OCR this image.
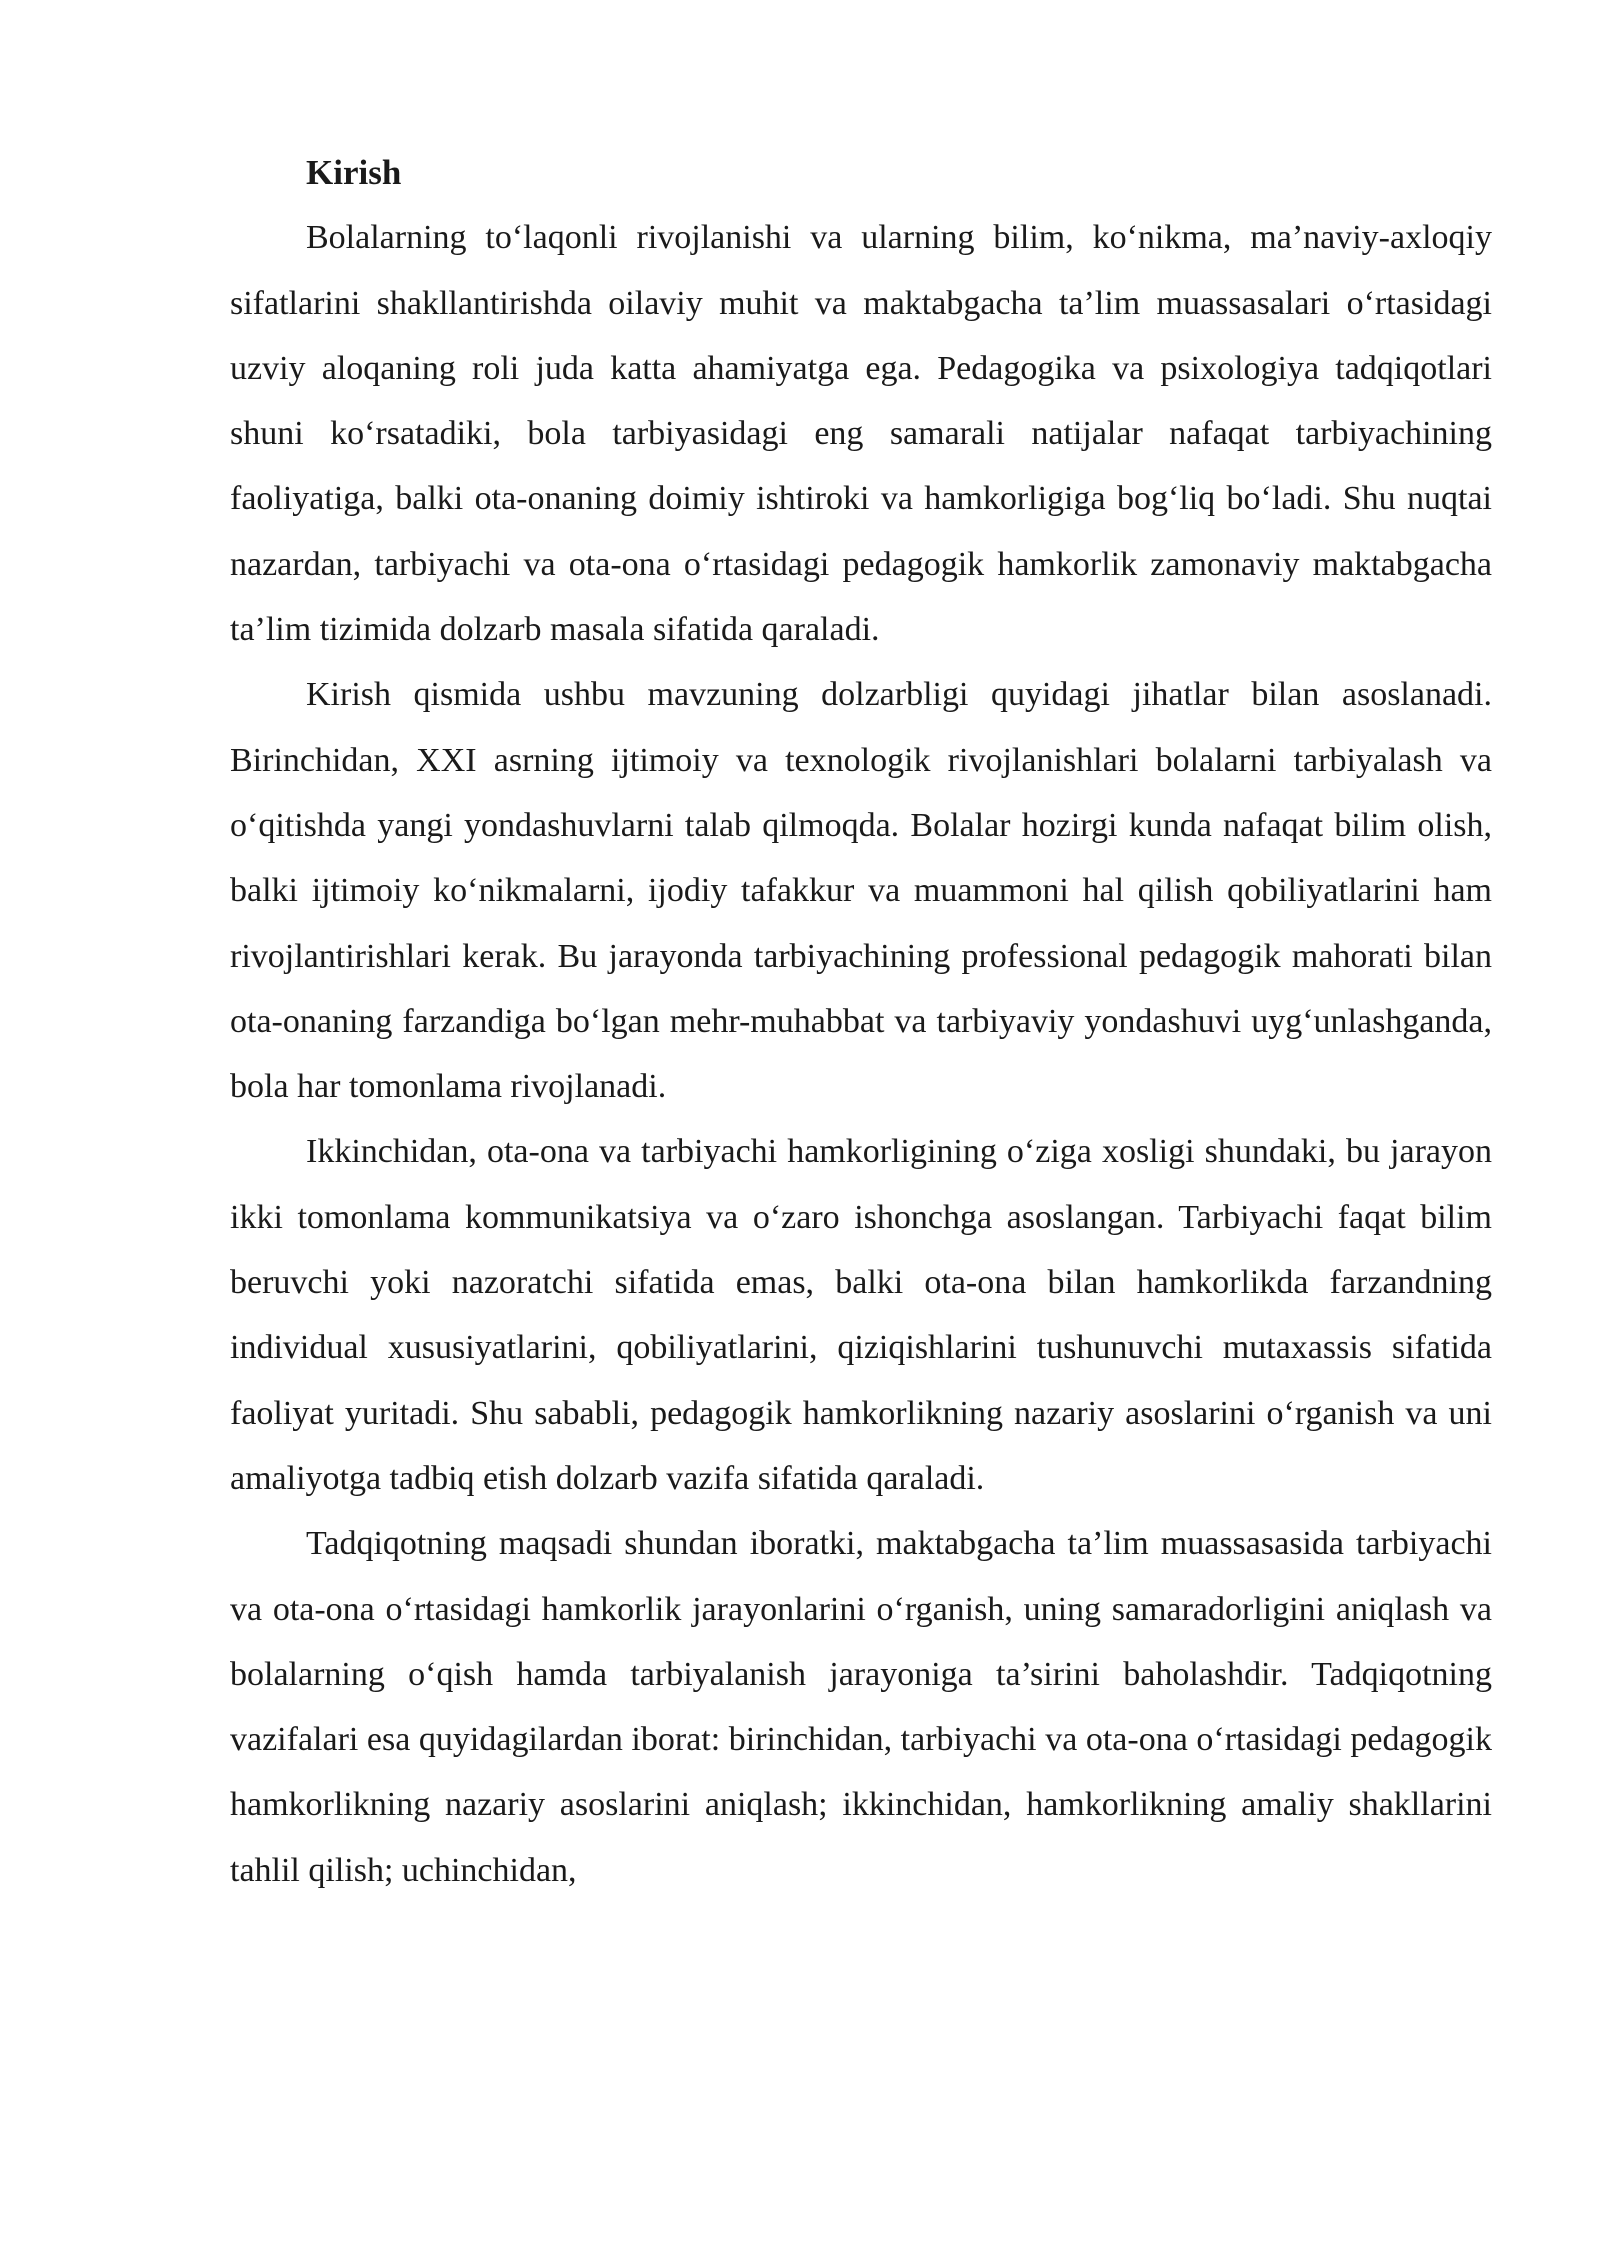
Kirish

Bolalarning to‘laqonli rivojlanishi va ularning bilim, ko‘nikma, ma’naviy-axloqiy sifatlarini shakllantirishda oilaviy muhit va maktabgacha ta’lim muassasalari o‘rtasidagi uzviy aloqaning roli juda katta ahamiyatga ega. Pedagogika va psixologiya tadqiqotlari shuni ko‘rsatadiki, bola tarbiyasidagi eng samarali natijalar nafaqat tarbiyachining faoliyatiga, balki ota-onaning doimiy ishtiroki va hamkorligiga bog‘liq bo‘ladi. Shu nuqtai nazardan, tarbiyachi va ota-ona o‘rtasidagi pedagogik hamkorlik zamonaviy maktabgacha ta’lim tizimida dolzarb masala sifatida qaraladi.

Kirish qismida ushbu mavzuning dolzarbligi quyidagi jihatlar bilan asoslanadi. Birinchidan, XXI asrning ijtimoiy va texnologik rivojlanishlari bolalarni tarbiyalash va o‘qitishda yangi yondashuvlarni talab qilmoqda. Bolalar hozirgi kunda nafaqat bilim olish, balki ijtimoiy ko‘nikmalarni, ijodiy tafakkur va muammoni hal qilish qobiliyatlarini ham rivojlantirishlari kerak. Bu jarayonda tarbiyachining professional pedagogik mahorati bilan ota-onaning farzandiga bo‘lgan mehr-muhabbat va tarbiyaviy yondashuvi uyg‘unlashganda, bola har tomonlama rivojlanadi.

Ikkinchidan, ota-ona va tarbiyachi hamkorligining o‘ziga xosligi shundaki, bu jarayon ikki tomonlama kommunikatsiya va o‘zaro ishonchga asoslangan. Tarbiyachi faqat bilim beruvchi yoki nazoratchi sifatida emas, balki ota-ona bilan hamkorlikda farzandning individual xususiyatlarini, qobiliyatlarini, qiziqishlarini tushunuvchi mutaxassis sifatida faoliyat yuritadi. Shu sababli, pedagogik hamkorlikning nazariy asoslarini o‘rganish va uni amaliyotga tadbiq etish dolzarb vazifa sifatida qaraladi.

Tadqiqotning maqsadi shundan iboratki, maktabgacha ta’lim muassasasida tarbiyachi va ota-ona o‘rtasidagi hamkorlik jarayonlarini o‘rganish, uning samaradorligini aniqlash va bolalarning o‘qish hamda tarbiyalanish jarayoniga ta’sirini baholashdir. Tadqiqotning vazifalari esa quyidagilardan iborat: birinchidan, tarbiyachi va ota-ona o‘rtasidagi pedagogik hamkorlikning nazariy asoslarini aniqlash; ikkinchidan, hamkorlikning amaliy shakllarini tahlil qilish; uchinchidan,
